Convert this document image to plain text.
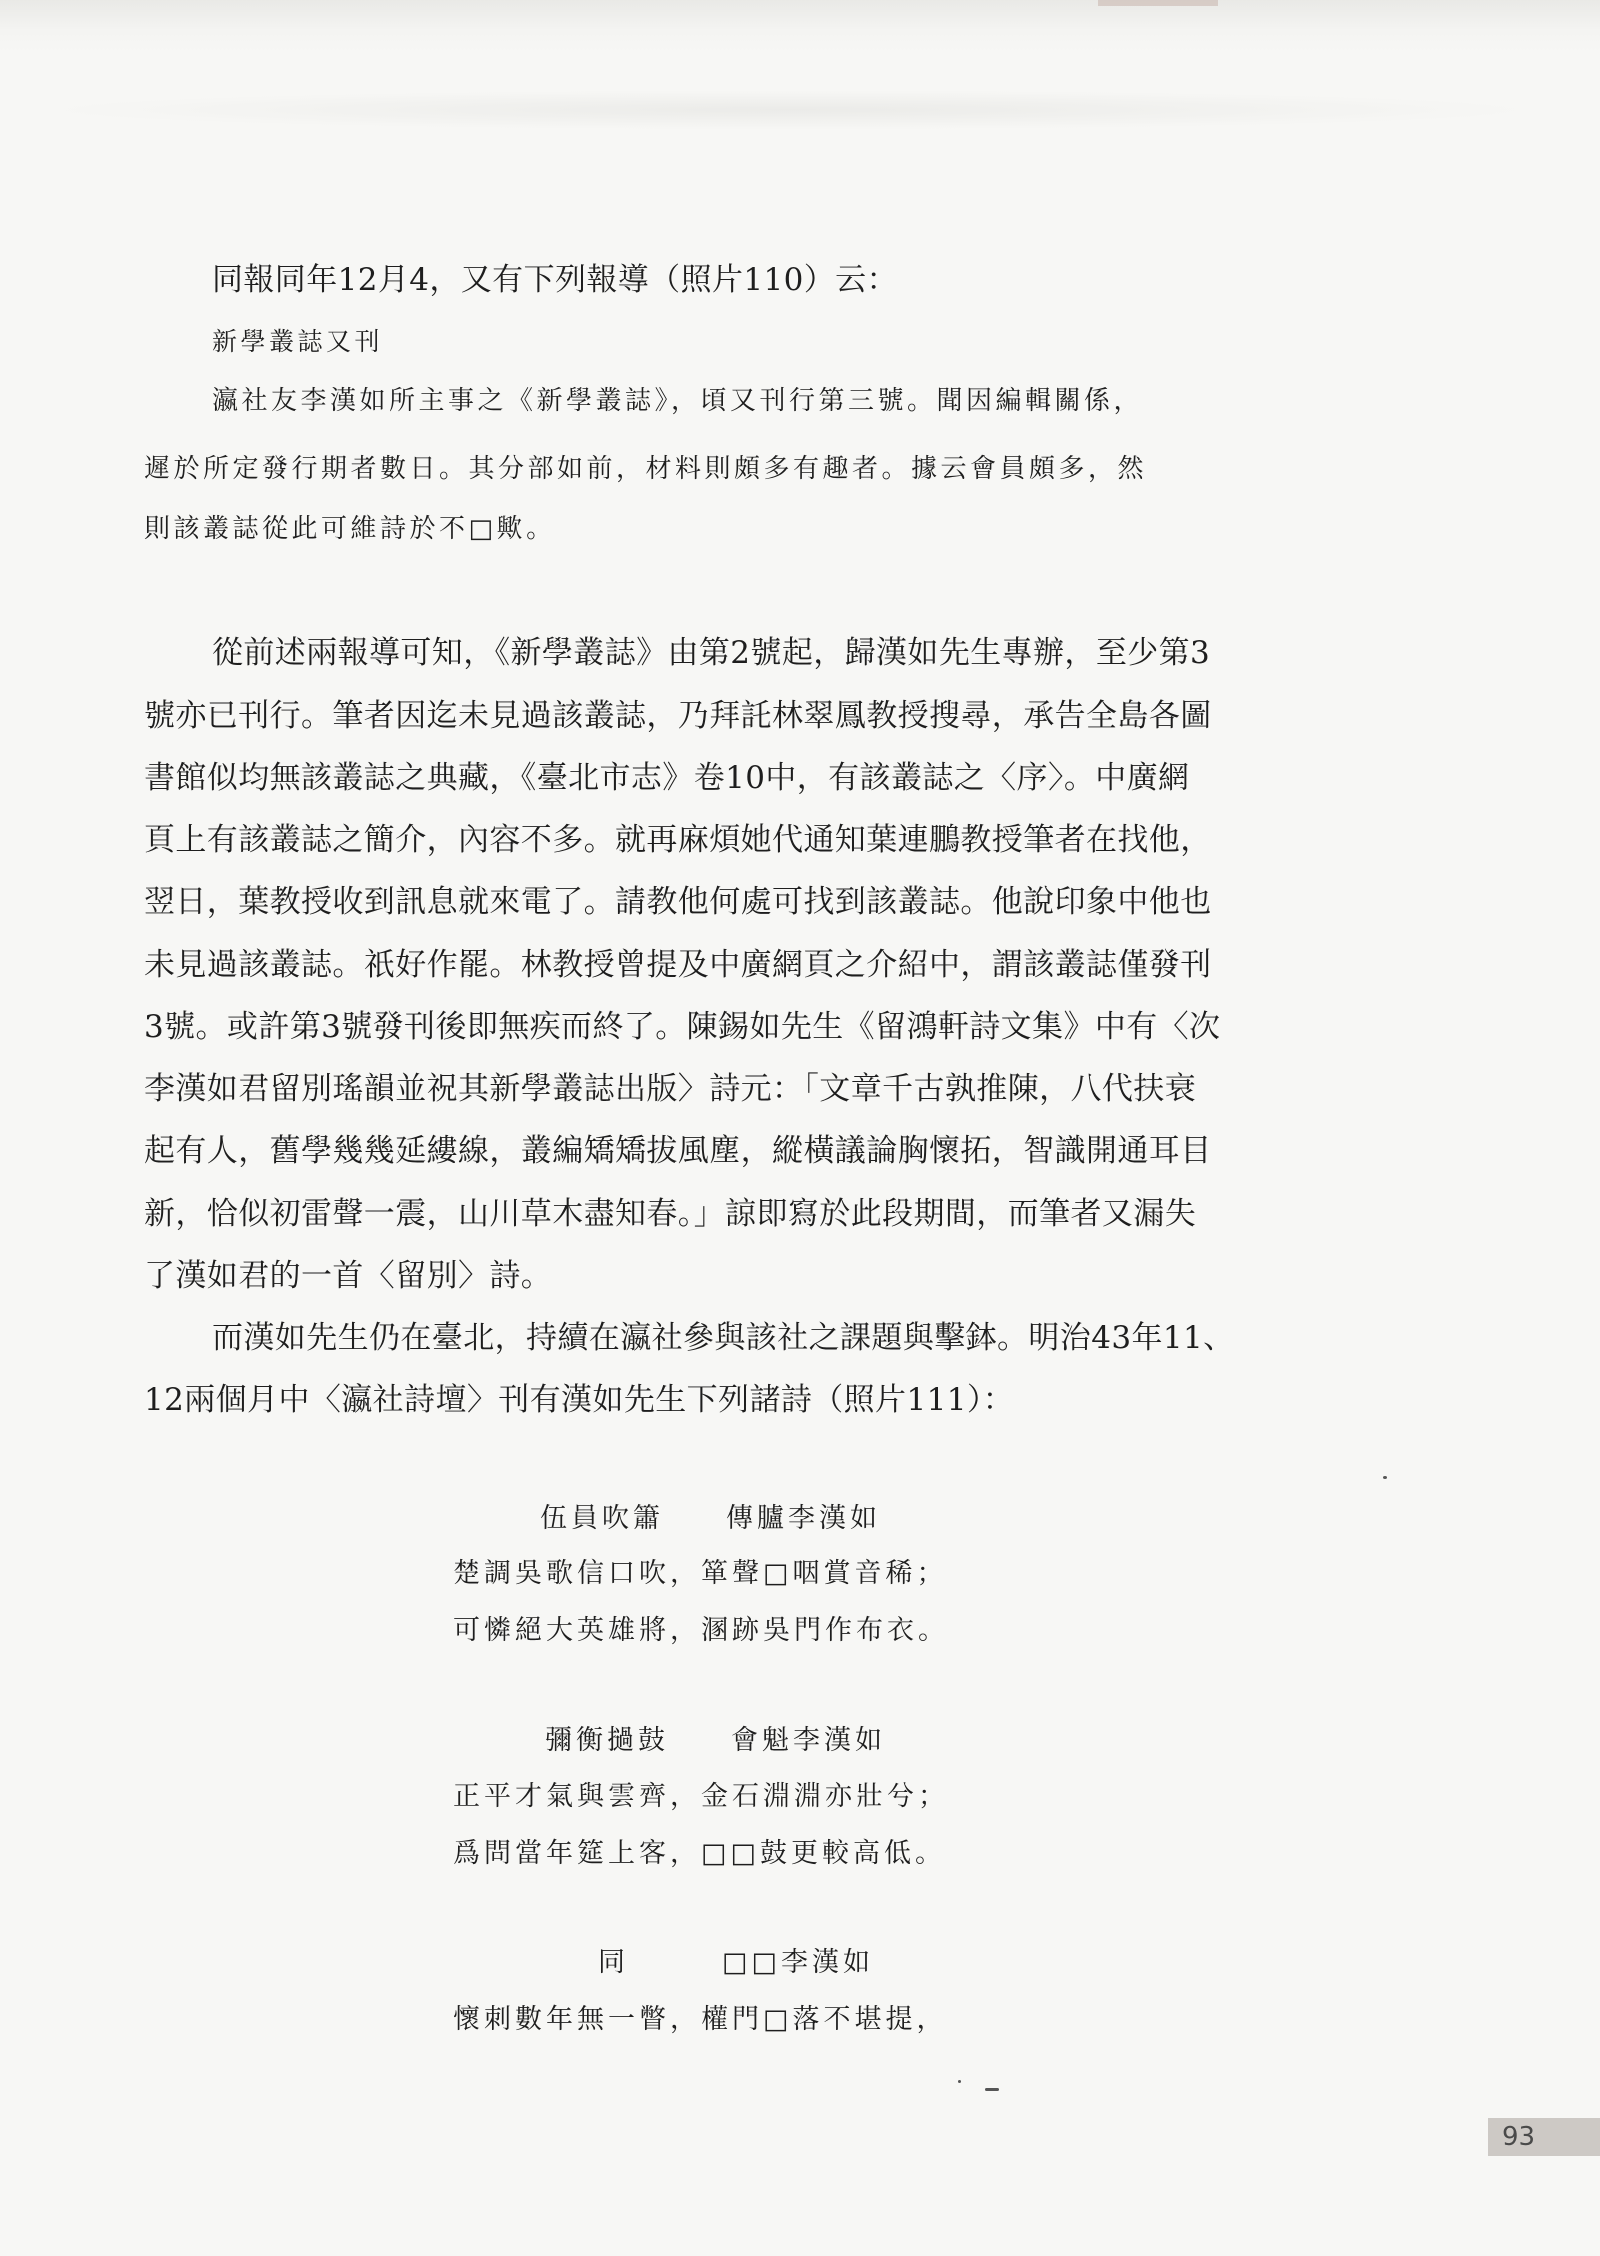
同報同年12月4，又有下列報導（照片110）云：
新學叢誌又刊
瀛社友李漢如所主事之《新學叢誌》，頃又刊行第三號。聞因編輯關係，
遲於所定發行期者數日。其分部如前，材料則頗多有趣者。據云會員頗多，然
則該叢誌從此可維詩於不□歟。
從前述兩報導可知，《新學叢誌》由第2號起，歸漢如先生專辦，至少第3
號亦已刊行。筆者因迄未見過該叢誌，乃拜託林翠鳳教授搜尋，承告全島各圖
書館似均無該叢誌之典藏，《臺北市志》卷10中，有該叢誌之〈序〉。中廣網
頁上有該叢誌之簡介，內容不多。就再麻煩她代通知葉連鵬教授筆者在找他，
翌日，葉教授收到訊息就來電了。請教他何處可找到該叢誌。他說印象中他也
未見過該叢誌。祇好作罷。林教授曾提及中廣網頁之介紹中，謂該叢誌僅發刊
3號。或許第3號發刊後即無疾而終了。陳錫如先生《留鴻軒詩文集》中有〈次
李漢如君留別瑤韻並祝其新學叢誌出版〉詩元：「文章千古孰推陳，八代扶衰
起有人，舊學幾幾延縷線，叢編矯矯拔風塵，縱橫議論胸懷拓，智識開通耳目
新，恰似初雷聲一震，山川草木盡知春。」諒即寫於此段期間，而筆者又漏失
了漢如君的一首〈留別〉詩。
而漢如先生仍在臺北，持續在瀛社參與該社之課題與擊鉢。明治43年11、
12兩個月中〈瀛社詩壇〉刊有漢如先生下列諸詩（照片111）：
伍員吹簫　　傳臚李漢如
楚調吳歌信口吹，箪聲□咽賞音稀；
可憐絕大英雄將，溷跡吳門作布衣。
彌衡撾鼓　　會魁李漢如
正平才氣與雲齊，金石淵淵亦壯兮；
爲問當年筵上客，□□鼓更較高低。
同　　　□□李漢如
懷刺數年無一瞥，權門□落不堪提，
93
